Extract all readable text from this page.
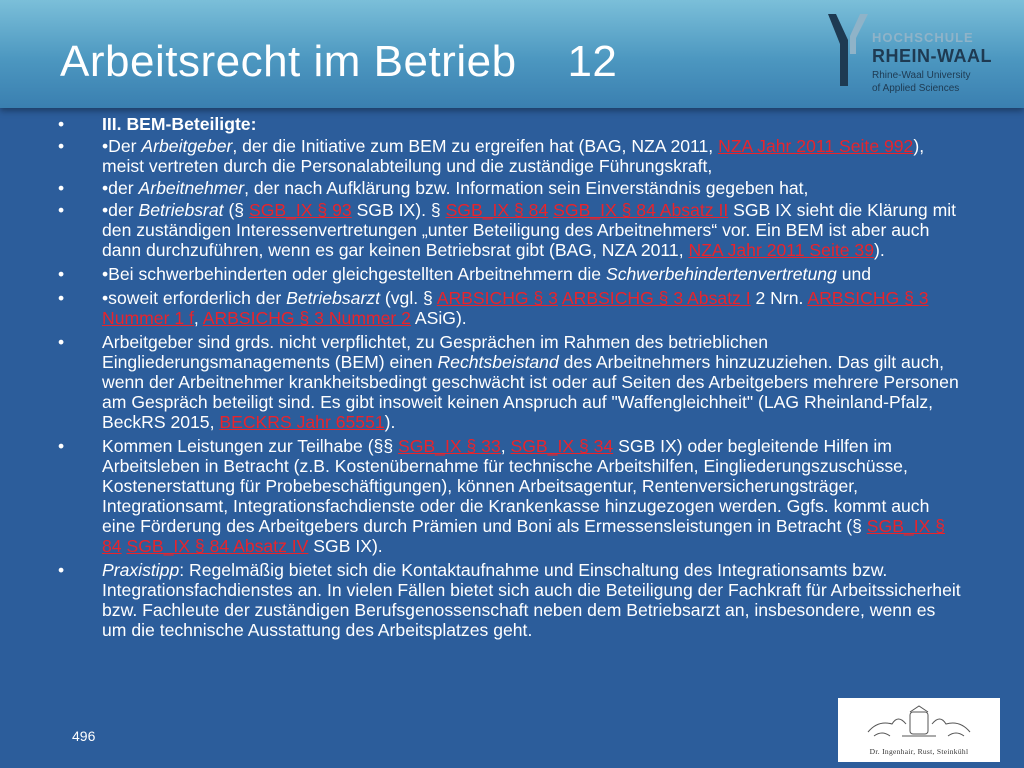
Arbeitsrecht im Betrieb    12	HOCHSCHULE
RHEIN-WAAL
Rhine-Waal University
of Applied Sciences
• III. BEM-Beteiligte:
• •Der Arbeitgeber, der die Initiative zum BEM zu ergreifen hat (BAG, NZA 2011, NZA Jahr 2011 Seite 992), meist vertreten durch die Personalabteilung und die zuständige Führungskraft,
• •der Arbeitnehmer, der nach Aufklärung bzw. Information sein Einverständnis gegeben hat,
• •der Betriebsrat (§ SGB_IX § 93 SGB IX). § SGB_IX § 84 SGB_IX § 84 Absatz II SGB IX sieht die Klärung mit den zuständigen Interessenvertretungen „unter Beteiligung des Arbeitnehmers“ vor. Ein BEM ist aber auch dann durchzuführen, wenn es gar keinen Betriebsrat gibt (BAG, NZA 2011, NZA Jahr 2011 Seite 39).
• •Bei schwerbehinderten oder gleichgestellten Arbeitnehmern die Schwerbehindertenvertretung und
• •soweit erforderlich der Betriebsarzt (vgl. § ARBSICHG § 3 ARBSICHG § 3 Absatz I 2 Nrn. ARBSICHG § 3 Nummer 1 f, ARBSICHG § 3 Nummer 2 ASiG).
• Arbeitgeber sind grds. nicht verpflichtet, zu Gesprächen im Rahmen des betrieblichen Eingliederungsmanagements (BEM) einen Rechtsbeistand des Arbeitnehmers hinzuzuziehen. Das gilt auch, wenn der Arbeitnehmer krankheitsbedingt geschwächt ist oder auf Seiten des Arbeitgebers mehrere Personen am Gespräch beteiligt sind. Es gibt insoweit keinen Anspruch auf "Waffengleichheit" (LAG Rheinland-Pfalz, BeckRS 2015, BECKRS Jahr 65551).
• Kommen Leistungen zur Teilhabe (§§ SGB_IX § 33, SGB_IX § 34 SGB IX) oder begleitende Hilfen im Arbeitsleben in Betracht (z.B. Kostenübernahme für technische Arbeitshilfen, Eingliederungszuschüsse, Kostenerstattung für Probebeschäftigungen), können Arbeitsagentur, Rentenversicherungsträger, Integrationsamt, Integrationsfachdienste oder die Krankenkasse hinzugezogen werden. Ggfs. kommt auch eine Förderung des Arbeitgebers durch Prämien und Boni als Ermessensleistungen in Betracht (§ SGB_IX § 84 SGB_IX § 84 Absatz IV SGB IX).
• Praxistipp: Regelmäßig bietet sich die Kontaktaufnahme und Einschaltung des Integrationsamts bzw. Integrationsfachdienstes an. In vielen Fällen bietet sich auch die Beteiligung der Fachkraft für Arbeitssicherheit bzw. Fachleute der zuständigen Berufsgenossenschaft neben dem Betriebsarzt an, insbesondere, wenn es um die technische Ausstattung des Arbeitsplatzes geht.
496
Dr. Ingenhair, Rust, Steinkühl
